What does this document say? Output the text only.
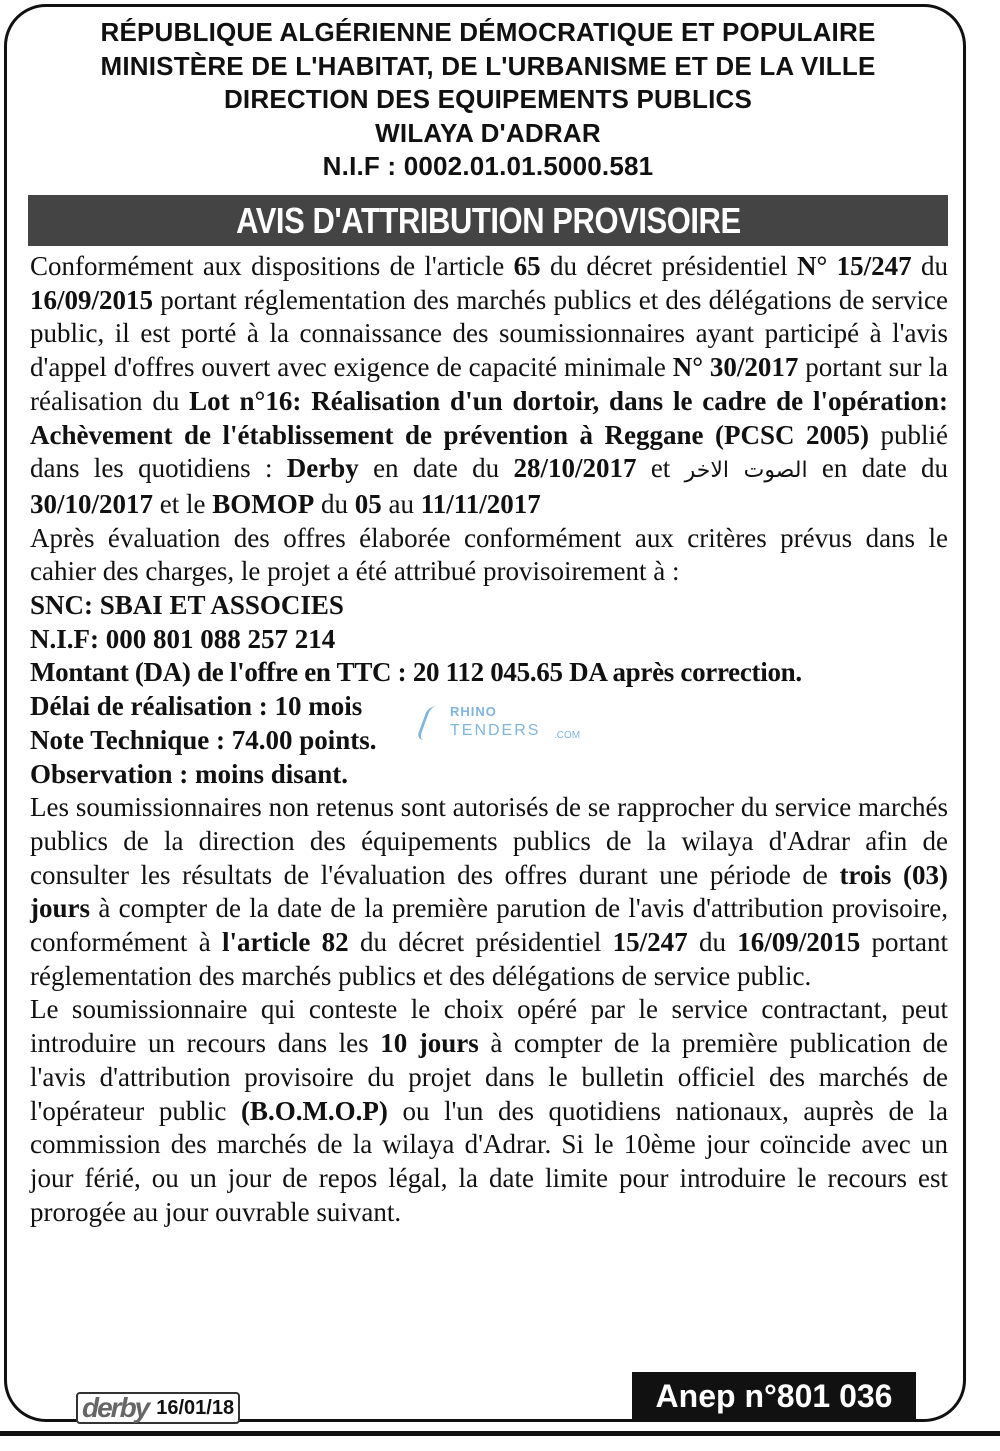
RÉPUBLIQUE ALGÉRIENNE DÉMOCRATIQUE ET POPULAIRE
MINISTÈRE DE L'HABITAT, DE L'URBANISME ET DE LA VILLE
DIRECTION DES EQUIPEMENTS PUBLICS
WILAYA D'ADRAR
N.I.F : 0002.01.01.5000.581
AVIS D'ATTRIBUTION PROVISOIRE

Conformément aux dispositions de l'article 65 du décret présidentiel N° 15/247 du 16/09/2015 portant réglementation des marchés publics et des délégations de service public, il est porté à la connaissance des soumissionnaires ayant participé à l'avis d'appel d'offres ouvert avec exigence de capacité minimale N° 30/2017 portant sur la réalisation du Lot n°16: Réalisation d'un dortoir, dans le cadre de l'opération: Achèvement de l'établissement de prévention à Reggane (PCSC 2005) publié dans les quotidiens : Derby en date du 28/10/2017 et الصوت الاخر en date du 30/10/2017 et le BOMOP du 05 au 11/11/2017

Après évaluation des offres élaborée conformément aux critères prévus dans le cahier des charges, le projet a été attribué provisoirement à :

SNC: SBAI ET ASSOCIES
N.I.F: 000 801 088 257 214
Montant (DA) de l'offre en TTC : 20 112 045.65 DA après correction.
Délai de réalisation : 10 mois
Note Technique : 74.00 points.
Observation : moins disant.

Les soumissionnaires non retenus sont autorisés de se rapprocher du service marchés publics de la direction des équipements publics de la wilaya d'Adrar afin de consulter les résultats de l'évaluation des offres durant une période de trois (03) jours à compter de la date de la première parution de l'avis d'attribution provisoire, conformément à l'article 82 du décret présidentiel 15/247 du 16/09/2015 portant réglementation des marchés publics et des délégations de service public.

Le soumissionnaire qui conteste le choix opéré par le service contractant, peut introduire un recours dans les 10 jours à compter de la première publication de l'avis d'attribution provisoire du projet dans le bulletin officiel des marchés de l'opérateur public (B.O.M.O.P) ou l'un des quotidiens nationaux, auprès de la commission des marchés de la wilaya d'Adrar. Si le 10ème jour coïncide avec un jour férié, ou un jour de repos légal, la date limite pour introduire le recours est prorogée au jour ouvrable suivant.

RHINO
TENDERS .COM
derby 16/01/18	Anep n°801 036
